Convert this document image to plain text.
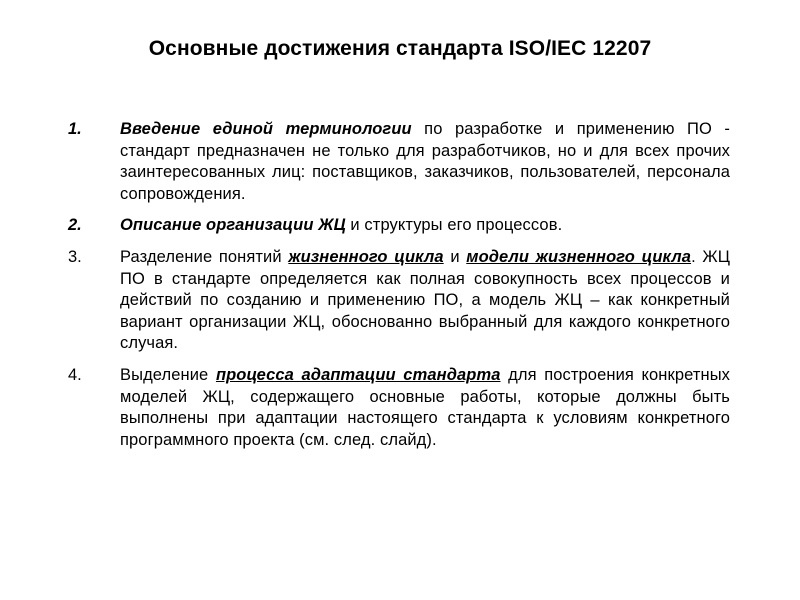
Основные достижения стандарта ISO/IEC 12207
1. Введение единой терминологии по разработке и применению ПО - стандарт предназначен не только для разработчиков, но и для всех прочих заинтересованных лиц: поставщиков, заказчиков, пользователей, персонала сопровождения.
2. Описание организации ЖЦ и структуры его процессов.
3. Разделение понятий жизненного цикла и модели жизненного цикла. ЖЦ ПО в стандарте определяется как полная совокупность всех процессов и действий по созданию и применению ПО, а модель ЖЦ – как конкретный вариант организации ЖЦ, обоснованно выбранный для каждого конкретного случая.
4. Выделение процесса адаптации стандарта для построения конкретных моделей ЖЦ, содержащего основные работы, которые должны быть выполнены при адаптации настоящего стандарта к условиям конкретного программного проекта (см. след. слайд).
